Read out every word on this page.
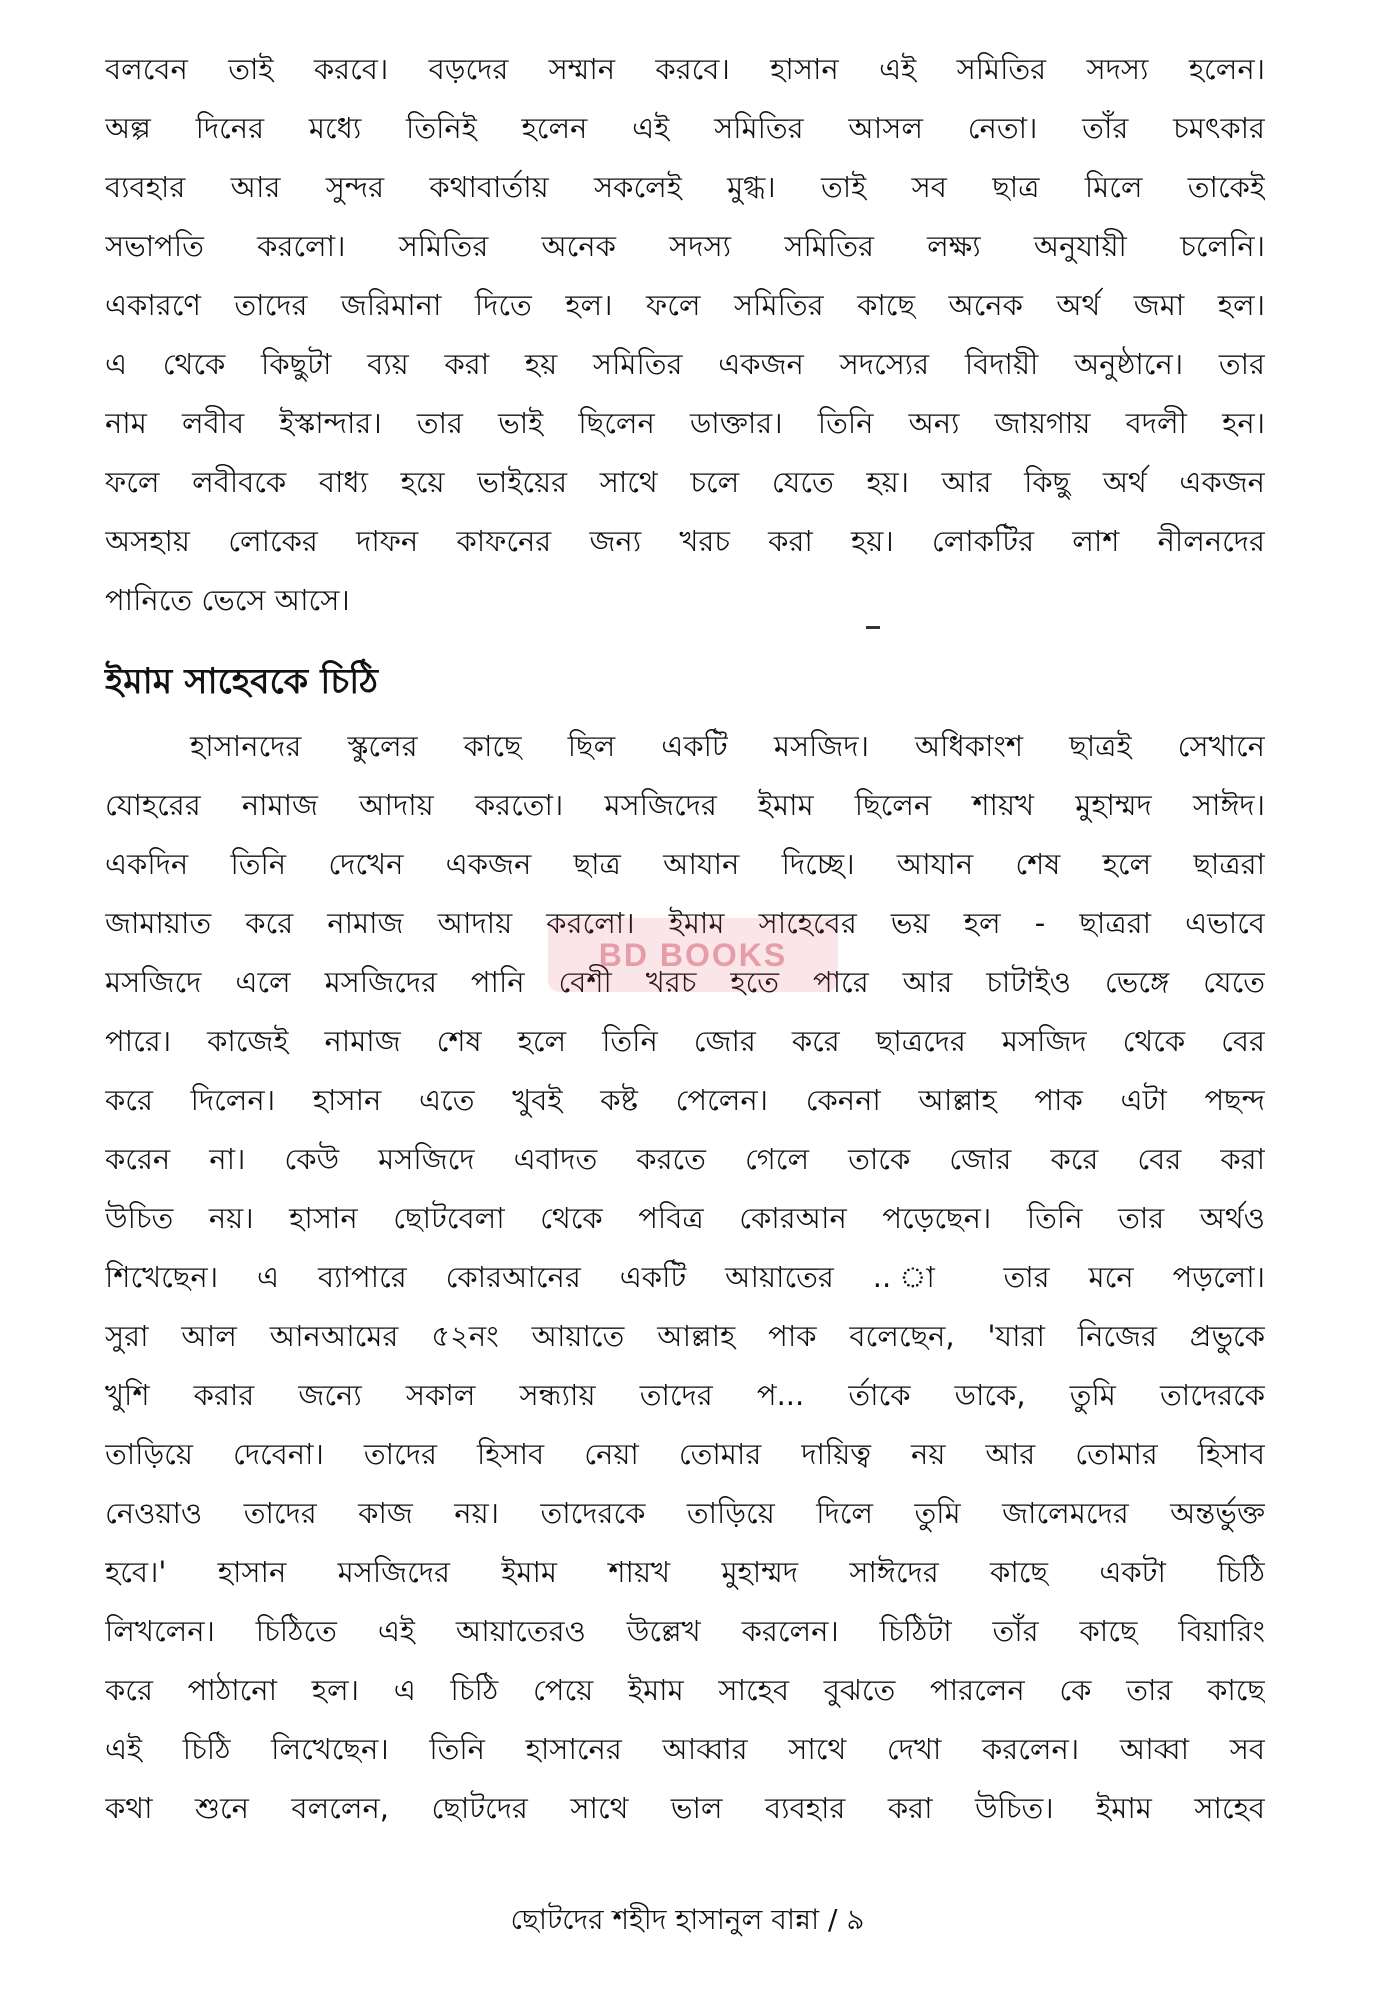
বলবেন তাই করবে। বড়দের সম্মান করবে। হাসান এই সমিতির সদস্য হলেন।
অল্প দিনের মধ্যে তিনিই হলেন এই সমিতির আসল নেতা। তাঁর চমৎকার
ব্যবহার আর সুন্দর কথাবার্তায় সকলেই মুগ্ধ। তাই সব ছাত্র মিলে তাকেই
সভাপতি করলো। সমিতির অনেক সদস্য সমিতির লক্ষ্য অনুযায়ী চলেনি।
একারণে তাদের জরিমানা দিতে হল। ফলে সমিতির কাছে অনেক অর্থ জমা হল।
এ থেকে কিছুটা ব্যয় করা হয় সমিতির একজন সদস্যের বিদায়ী অনুষ্ঠানে। তার
নাম লবীব ইস্কান্দার। তার ভাই ছিলেন ডাক্তার। তিনি অন্য জায়গায় বদলী হন।
ফলে লবীবকে বাধ্য হয়ে ভাইয়ের সাথে চলে যেতে হয়। আর কিছু অর্থ একজন
অসহায় লোকের দাফন কাফনের জন্য খরচ করা হয়। লোকটির লাশ নীলনদের
পানিতে ভেসে আসে।
ইমাম সাহেবকে চিঠি
হাসানদের স্কুলের কাছে ছিল একটি মসজিদ। অধিকাংশ ছাত্রই সেখানে
যোহরের নামাজ আদায় করতো। মসজিদের ইমাম ছিলেন শায়খ মুহাম্মদ সাঈদ।
একদিন তিনি দেখেন একজন ছাত্র আযান দিচ্ছে। আযান শেষ হলে ছাত্ররা
জামায়াত করে নামাজ আদায় করলো। ইমাম সাহেবের ভয় হল - ছাত্ররা এভাবে
মসজিদে এলে মসজিদের পানি বেশী খরচ হতে পারে আর চাটাইও ভেঙ্গে যেতে
পারে। কাজেই নামাজ শেষ হলে তিনি জোর করে ছাত্রদের মসজিদ থেকে বের
করে দিলেন। হাসান এতে খুবই কষ্ট পেলেন। কেননা আল্লাহ পাক এটা পছন্দ
করেন না। কেউ মসজিদে এবাদত করতে গেলে তাকে জোর করে বের করা
উচিত নয়। হাসান ছোটবেলা থেকে পবিত্র কোরআন পড়েছেন। তিনি তার অর্থও
শিখেছেন। এ ব্যাপারে কোরআনের একটি আয়াতের .. া তার মনে পড়লো।
সুরা আল আনআমের ৫২নং আয়াতে আল্লাহ পাক বলেছেন, 'যারা নিজের প্রভুকে
খুশি করার জন্যে সকাল সন্ধ্যায় তাদের প... র্তাকে ডাকে, তুমি তাদেরকে
তাড়িয়ে দেবেনা। তাদের হিসাব নেয়া তোমার দায়িত্ব নয় আর তোমার হিসাব
নেওয়াও তাদের কাজ নয়। তাদেরকে তাড়িয়ে দিলে তুমি জালেমদের অন্তর্ভুক্ত
হবে।' হাসান মসজিদের ইমাম শায়খ মুহাম্মদ সাঈদের কাছে একটা চিঠি
লিখলেন। চিঠিতে এই আয়াতেরও উল্লেখ করলেন। চিঠিটা তাঁর কাছে বিয়ারিং
করে পাঠানো হল। এ চিঠি পেয়ে ইমাম সাহেব বুঝতে পারলেন কে তার কাছে
এই চিঠি লিখেছেন। তিনি হাসানের আব্বার সাথে দেখা করলেন। আব্বা সব
কথা শুনে বললেন, ছোটদের সাথে ভাল ব্যবহার করা উচিত। ইমাম সাহেব
BD BOOKS
ছোটদের শহীদ হাসানুল বান্না / ৯
